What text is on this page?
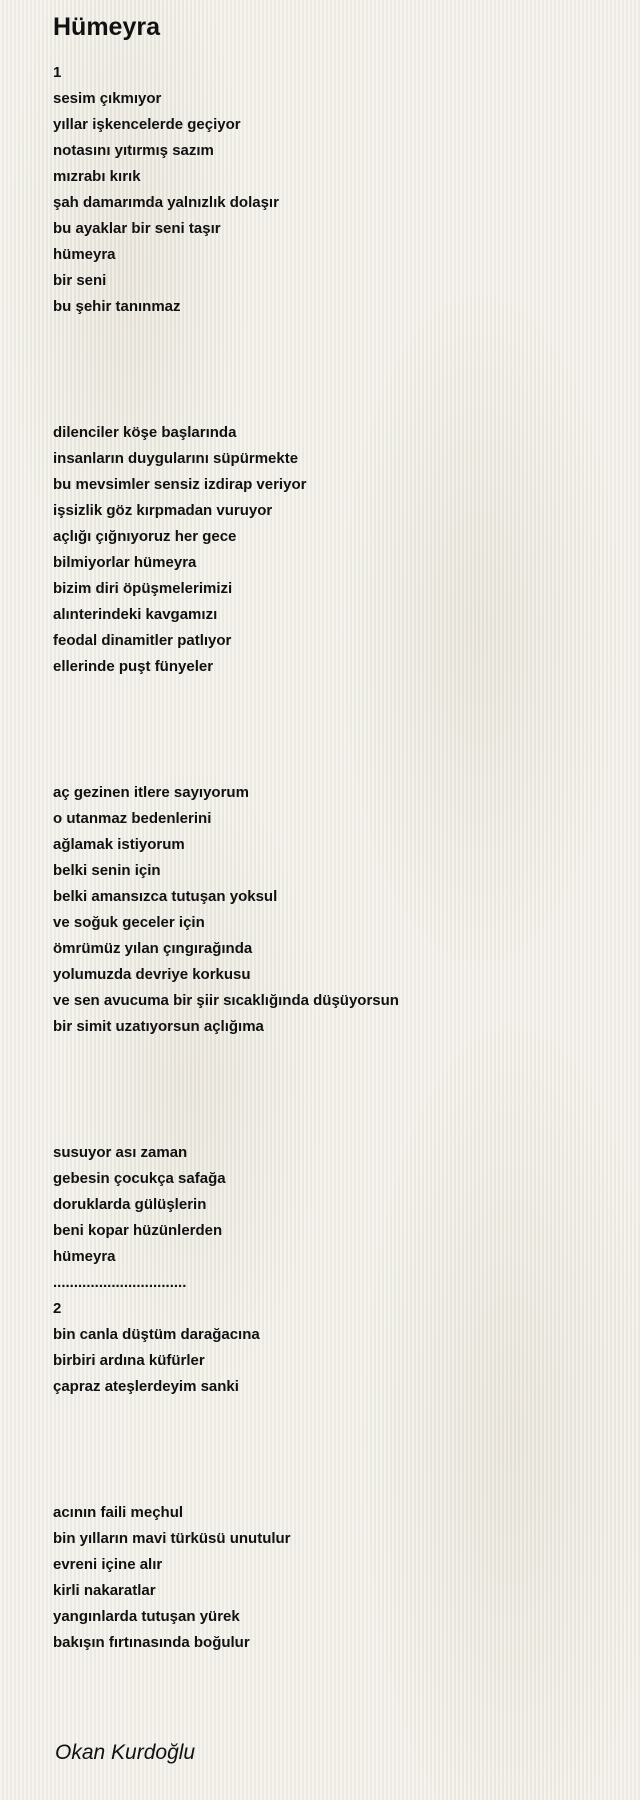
Hümeyra
1
sesim çıkmıyor
yıllar işkencelerde geçiyor
notasını yıtırmış sazım
mızrabı kırık
şah damarımda yalnızlık dolaşır
bu ayaklar bir seni taşır
hümeyra
bir seni
bu şehir tanınmaz
dilenciler köşe başlarında
insanların duygularını süpürmekte
bu mevsimler sensiz izdirap veriyor
işsizlik göz kırpmadan vuruyor
açlığı çığnıyoruz her gece
bilmiyorlar hümeyra
bizim diri öpüşmelerimizi
alınterindeki kavgamızı
feodal dinamitler patlıyor
ellerinde puşt fünyeler
aç gezinen itlere sayıyorum
o utanmaz bedenlerini
ağlamak istiyorum
belki senin için
belki amansızca tutuşan yoksul
ve soğuk geceler için
ömrümüz yılan çıngırağında
yolumuzda devriye korkusu
ve sen avucuma bir şiir sıcaklığında düşüyorsun
bir simit uzatıyorsun açlığıma
susuyor ası zaman
gebesin çocukça safağa
doruklarda gülüşlerin
beni kopar hüzünlerden
hümeyra
................................
2
bin canla düştüm darağacına
birbiri ardına küfürler
çapraz ateşlerdeyim sanki
acının faili meçhul
bin yılların mavi türküsü unutulur
evreni içine alır
kirli nakaratlar
yangınlarda tutuşan yürek
bakışın fırtınasında boğulur
Okan Kurdoğlu
